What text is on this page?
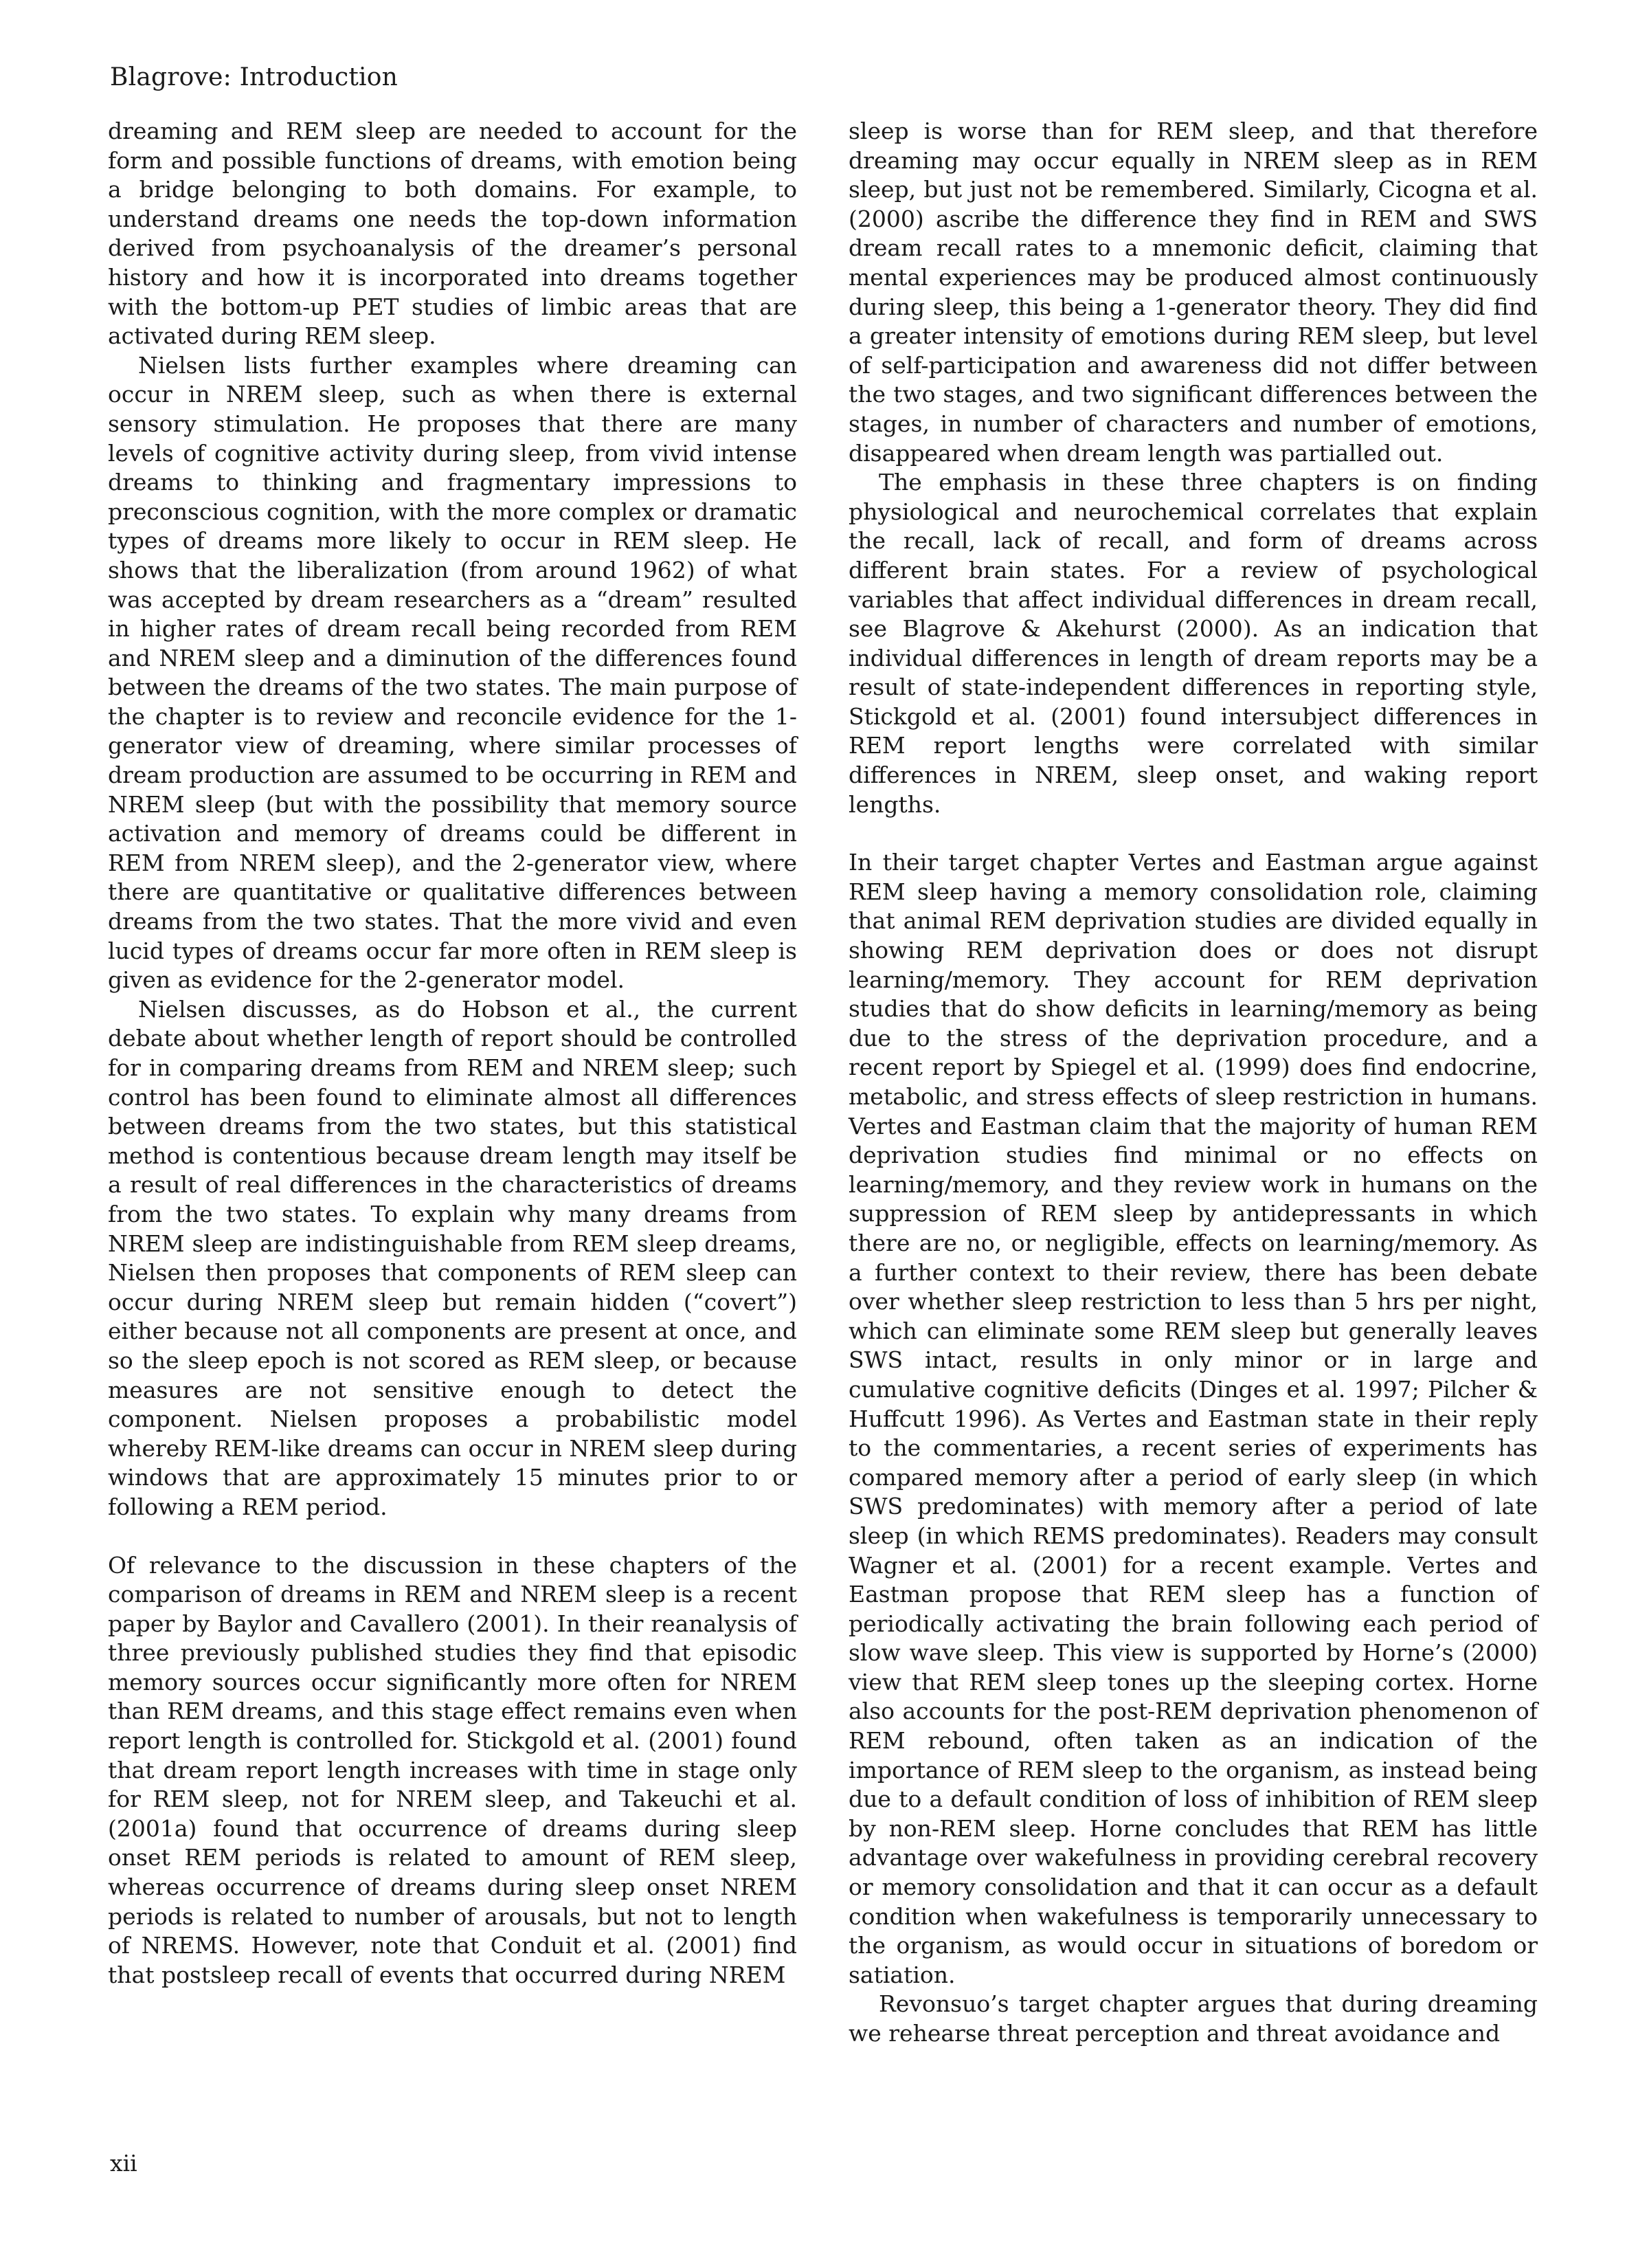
Blagrove: Introduction

dreaming and REM sleep are needed to account for the form and possible functions of dreams, with emotion being a bridge belonging to both domains. For example, to understand dreams one needs the top-down information derived from psychoanalysis of the dreamer’s personal history and how it is incorporated into dreams together with the bottom-up PET studies of limbic areas that are activated during REM sleep.

Nielsen lists further examples where dreaming can occur in NREM sleep, such as when there is external sensory stimulation. He proposes that there are many levels of cognitive activity during sleep, from vivid intense dreams to thinking and fragmentary impressions to preconscious cognition, with the more complex or dramatic types of dreams more likely to occur in REM sleep. He shows that the liberalization (from around 1962) of what was accepted by dream researchers as a “dream” resulted in higher rates of dream recall being recorded from REM and NREM sleep and a diminution of the differences found between the dreams of the two states. The main purpose of the chapter is to review and reconcile evidence for the 1-generator view of dreaming, where similar processes of dream production are assumed to be occurring in REM and NREM sleep (but with the possibility that memory source activation and memory of dreams could be different in REM from NREM sleep), and the 2-generator view, where there are quantitative or qualitative differences between dreams from the two states. That the more vivid and even lucid types of dreams occur far more often in REM sleep is given as evidence for the 2-generator model.

Nielsen discusses, as do Hobson et al., the current debate about whether length of report should be controlled for in comparing dreams from REM and NREM sleep; such control has been found to eliminate almost all differences between dreams from the two states, but this statistical method is contentious because dream length may itself be a result of real differences in the characteristics of dreams from the two states. To explain why many dreams from NREM sleep are indistinguishable from REM sleep dreams, Nielsen then proposes that components of REM sleep can occur during NREM sleep but remain hidden (“covert”) either because not all components are present at once, and so the sleep epoch is not scored as REM sleep, or because measures are not sensitive enough to detect the component. Nielsen proposes a probabilistic model whereby REM-like dreams can occur in NREM sleep during windows that are approximately 15 minutes prior to or following a REM period.

Of relevance to the discussion in these chapters of the comparison of dreams in REM and NREM sleep is a recent paper by Baylor and Cavallero (2001). In their reanalysis of three previously published studies they find that episodic memory sources occur significantly more often for NREM than REM dreams, and this stage effect remains even when report length is controlled for. Stickgold et al. (2001) found that dream report length increases with time in stage only for REM sleep, not for NREM sleep, and Takeuchi et al. (2001a) found that occurrence of dreams during sleep onset REM periods is related to amount of REM sleep, whereas occurrence of dreams during sleep onset NREM periods is related to number of arousals, but not to length of NREMS. However, note that Conduit et al. (2001) find that postsleep recall of events that occurred during NREM

sleep is worse than for REM sleep, and that therefore dreaming may occur equally in NREM sleep as in REM sleep, but just not be remembered. Similarly, Cicogna et al. (2000) ascribe the difference they find in REM and SWS dream recall rates to a mnemonic deficit, claiming that mental experiences may be produced almost continuously during sleep, this being a 1-generator theory. They did find a greater intensity of emotions during REM sleep, but level of self-participation and awareness did not differ between the two stages, and two significant differences between the stages, in number of characters and number of emotions, disappeared when dream length was partialled out.

The emphasis in these three chapters is on finding physiological and neurochemical correlates that explain the recall, lack of recall, and form of dreams across different brain states. For a review of psychological variables that affect individual differences in dream recall, see Blagrove & Akehurst (2000). As an indication that individual differences in length of dream reports may be a result of state-independent differences in reporting style, Stickgold et al. (2001) found intersubject differences in REM report lengths were correlated with similar differences in NREM, sleep onset, and waking report lengths.

In their target chapter Vertes and Eastman argue against REM sleep having a memory consolidation role, claiming that animal REM deprivation studies are divided equally in showing REM deprivation does or does not disrupt learning/memory. They account for REM deprivation studies that do show deficits in learning/memory as being due to the stress of the deprivation procedure, and a recent report by Spiegel et al. (1999) does find endocrine, metabolic, and stress effects of sleep restriction in humans. Vertes and Eastman claim that the majority of human REM deprivation studies find minimal or no effects on learning/memory, and they review work in humans on the suppression of REM sleep by antidepressants in which there are no, or negligible, effects on learning/memory. As a further context to their review, there has been debate over whether sleep restriction to less than 5 hrs per night, which can eliminate some REM sleep but generally leaves SWS intact, results in only minor or in large and cumulative cognitive deficits (Dinges et al. 1997; Pilcher & Huffcutt 1996). As Vertes and Eastman state in their reply to the commentaries, a recent series of experiments has compared memory after a period of early sleep (in which SWS predominates) with memory after a period of late sleep (in which REMS predominates). Readers may consult Wagner et al. (2001) for a recent example. Vertes and Eastman propose that REM sleep has a function of periodically activating the brain following each period of slow wave sleep. This view is supported by Horne’s (2000) view that REM sleep tones up the sleeping cortex. Horne also accounts for the post-REM deprivation phenomenon of REM rebound, often taken as an indication of the importance of REM sleep to the organism, as instead being due to a default condition of loss of inhibition of REM sleep by non-REM sleep. Horne concludes that REM has little advantage over wakefulness in providing cerebral recovery or memory consolidation and that it can occur as a default condition when wakefulness is temporarily unnecessary to the organism, as would occur in situations of boredom or satiation.

Revonsuo’s target chapter argues that during dreaming we rehearse threat perception and threat avoidance and

xii
